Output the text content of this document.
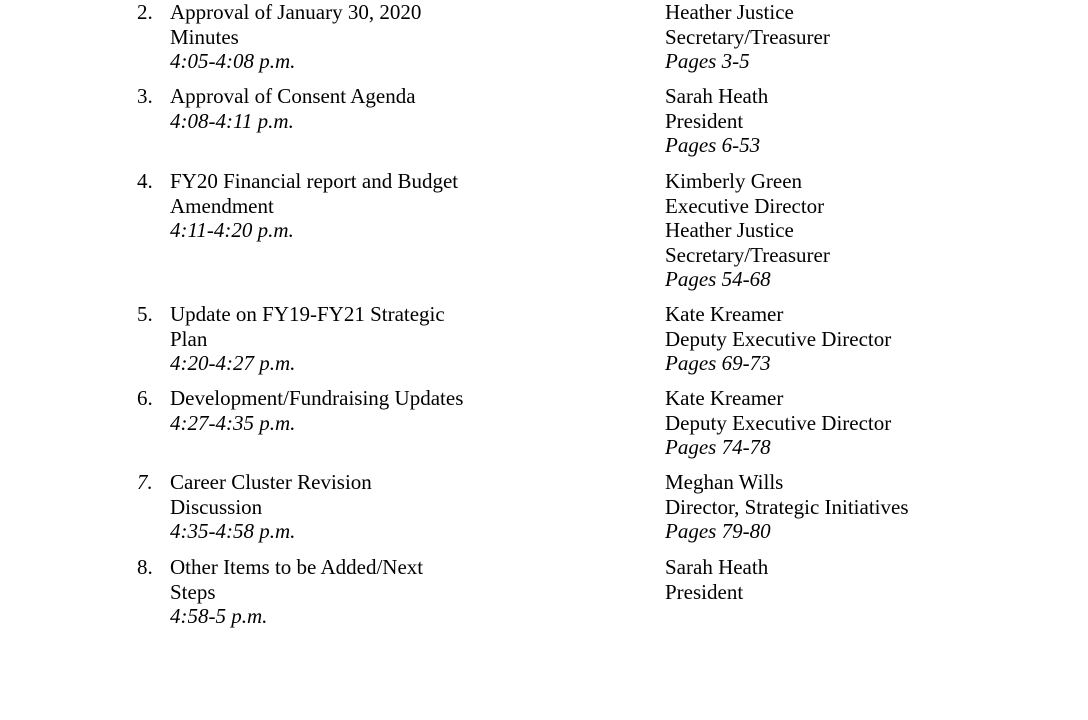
2. Approval of January 30, 2020
Minutes
4:05-4:08 p.m.
Heather Justice
Secretary/Treasurer
Pages 3-5
3. Approval of Consent Agenda
4:08-4:11 p.m.
Sarah Heath
President
Pages 6-53
4. FY20 Financial report and Budget
Amendment
4:11-4:20 p.m.
Kimberly Green
Executive Director
Heather Justice
Secretary/Treasurer
Pages 54-68
5. Update on FY19-FY21 Strategic
Plan
4:20-4:27 p.m.
Kate Kreamer
Deputy Executive Director
Pages 69-73
6. Development/Fundraising Updates
4:27-4:35 p.m.
Kate Kreamer
Deputy Executive Director
Pages 74-78
7. Career Cluster Revision
Discussion
4:35-4:58 p.m.
Meghan Wills
Director, Strategic Initiatives
Pages 79-80
8. Other Items to be Added/Next
Steps
4:58-5 p.m.
Sarah Heath
President
